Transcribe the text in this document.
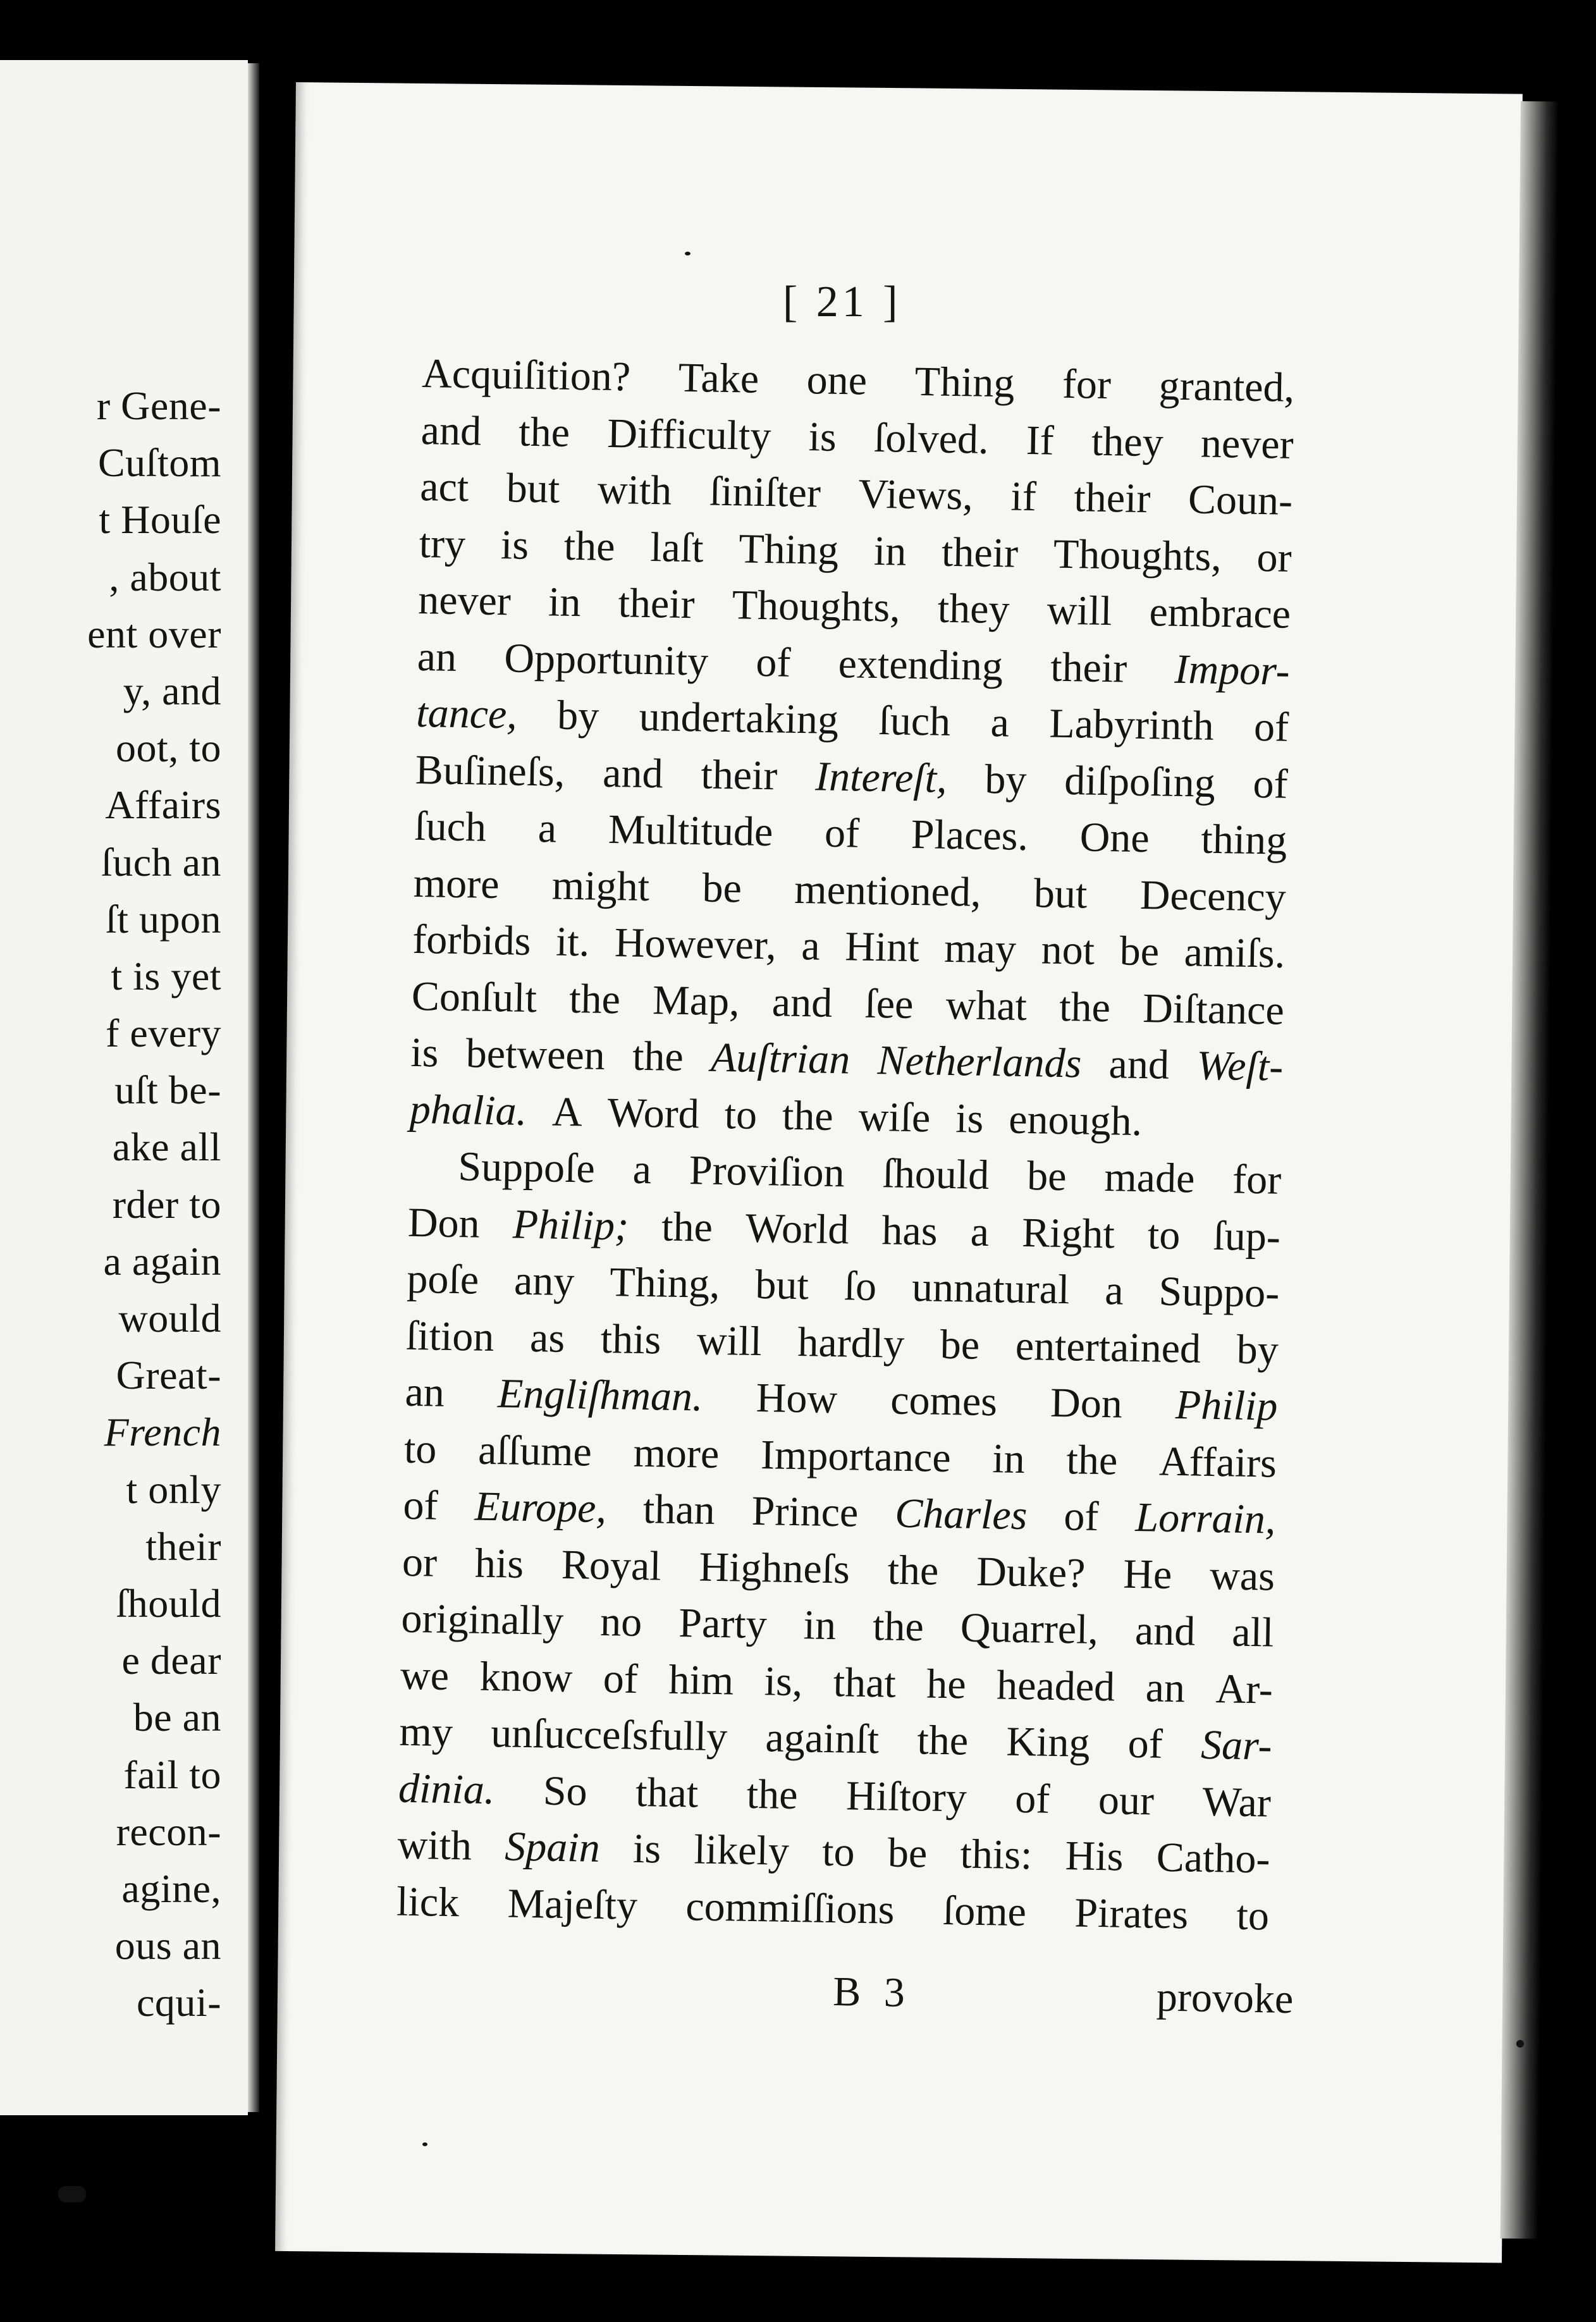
r Gene-
Cuſtom
t Houſe
, about
ent over
y, and
oot, to
Affairs
ſuch an
ſt upon
t is yet
f every
uſt be-
ake all
rder to
a again
would
Great-
French
t only
their
ſhould
e dear
be an
fail to
recon-
agine,
ous an
cqui-
[ 21 ]
Acquiſition? Take one Thing for granted,
and the Difficulty is ſolved. If they never
act but with ſiniſter Views, if their Coun-
try is the laſt Thing in their Thoughts, or
never in their Thoughts, they will embrace
an Opportunity of extending their Impor-
tance, by undertaking ſuch a Labyrinth of
Buſineſs, and their Intereſt, by diſpoſing of
ſuch a Multitude of Places. One thing
more might be mentioned, but Decency
forbids it. However, a Hint may not be amiſs.
Conſult the Map, and ſee what the Diſtance
is between the Auſtrian Netherlands and Weſt-
phalia. A Word to the wiſe is enough.
Suppoſe a Proviſion ſhould be made for
Don Philip; the World has a Right to ſup-
poſe any Thing, but ſo unnatural a Suppo-
ſition as this will hardly be entertained by
an Engliſhman. How comes Don Philip
to aſſume more Importance in the Affairs
of Europe, than Prince Charles of Lorrain,
or his Royal Highneſs the Duke? He was
originally no Party in the Quarrel, and all
we know of him is, that he headed an Ar-
my unſucceſsfully againſt the King of Sar-
dinia. So that the Hiſtory of our War
with Spain is likely to be this: His Catho-
lick Majeſty commiſſions ſome Pirates to
B 3	provoke
